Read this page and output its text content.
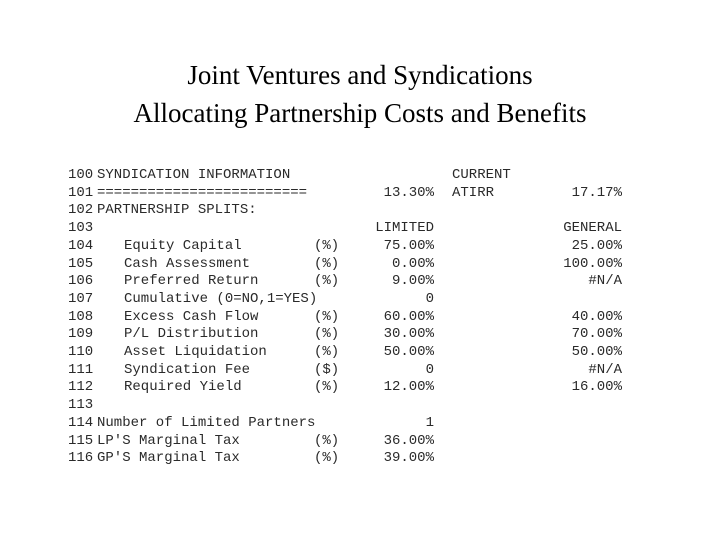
Joint Ventures and Syndications
Allocating Partnership Costs and Benefits
100 SYNDICATION INFORMATION	CURRENT
101 =========================	13.30% ATIRR	17.17%
102 PARTNERSHIP SPLITS:
103	LIMITED	GENERAL
104 Equity Capital	(%)	75.00%	25.00%
105 Cash Assessment	(%)	0.00%	100.00%
106 Preferred Return	(%)	9.00%	#N/A
107 Cumulative (0=NO,1=YES)	0
108 Excess Cash Flow	(%)	60.00%	40.00%
109 P/L Distribution	(%)	30.00%	70.00%
110 Asset Liquidation	(%)	50.00%	50.00%
111 Syndication Fee	($)	0	#N/A
112 Required Yield	(%)	12.00%	16.00%
113
114 Number of Limited Partners	1
115 LP'S Marginal Tax	(%)	36.00%
116 GP'S Marginal Tax	(%)	39.00%
